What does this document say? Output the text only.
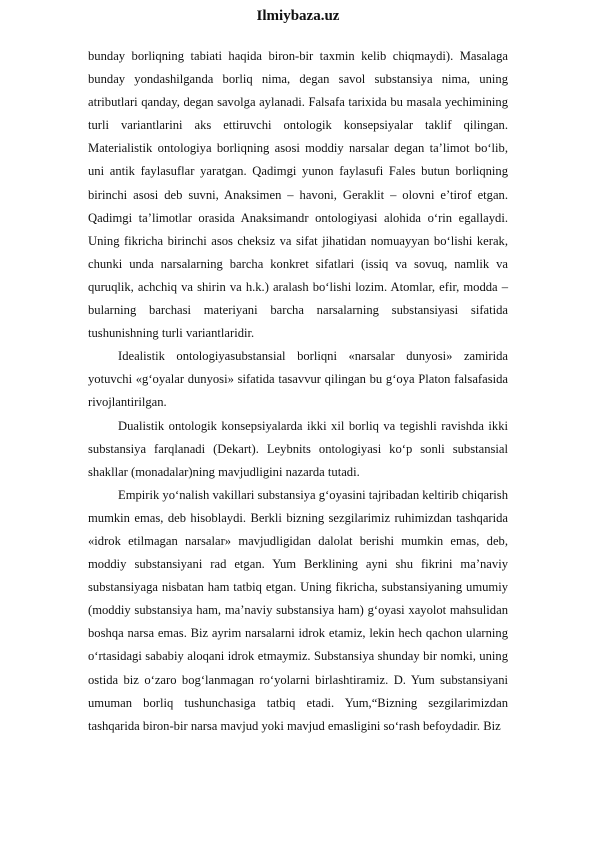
Ilmiybaza.uz

bunday borliqning tabiati haqida biron-bir taxmin kelib chiqmaydi). Masalaga bunday yondashilganda borliq nima, degan savol substansiya nima, uning atributlari qanday, degan savolga aylanadi. Falsafa tarixida bu masala yechimining turli variantlarini aks ettiruvchi ontologik konsepsiyalar taklif qilingan. Materialistik ontologiya borliqning asosi moddiy narsalar degan ta’limot bo‘lib, uni antik faylasuflar yaratgan. Qadimgi yunon faylasufi Fales butun borliqning birinchi asosi deb suvni, Anaksimen – havoni, Geraklit – olovni e’tirof etgan. Qadimgi ta’limotlar orasida Anaksimandr ontologiyasi alohida o‘rin egallaydi. Uning fikricha birinchi asos cheksiz va sifat jihatidan nomuayyan bo‘lishi kerak, chunki unda narsalarning barcha konkret sifatlari (issiq va sovuq, namlik va quruqlik, achchiq va shirin va h.k.) aralash bo‘lishi lozim. Atomlar, efir, modda – bularning barchasi materiyani barcha narsalarning substansiyasi sifatida tushunishning turli variantlaridir.

Idealistik ontologiyasubstansial borliqni «narsalar dunyosi» zamirida yotuvchi «g‘oyalar dunyosi» sifatida tasavvur qilingan bu g‘oya Platon falsafasida rivojlantirilgan.

Dualistik ontologik konsepsiyalarda ikki xil borliq va tegishli ravishda ikki substansiya farqlanadi (Dekart). Leybnits ontologiyasi ko‘p sonli substansial shakllar (monadalar)ning mavjudligini nazarda tutadi.

Empirik yo‘nalish vakillari substansiya g‘oyasini tajribadan keltirib chiqarish mumkin emas, deb hisoblaydi. Berkli bizning sezgilarimiz ruhimizdan tashqarida «idrok etilmagan narsalar» mavjudligidan dalolat berishi mumkin emas, deb, moddiy substansiyani rad etgan. Yum Berklining ayni shu fikrini ma’naviy substansiyaga nisbatan ham tatbiq etgan. Uning fikricha, substansiyaning umumiy (moddiy substansiya ham, ma’naviy substansiya ham) g‘oyasi xayolot mahsulidan boshqa narsa emas. Biz ayrim narsalarni idrok etamiz, lekin hech qachon ularning o‘rtasidagi sababiy aloqani idrok etmaymiz. Substansiya shunday bir nomki, uning ostida biz o‘zaro bog‘lanmagan ro‘yolarni birlashtiramiz. D. Yum substansiyani umuman borliq tushunchasiga tatbiq etadi. Yum,“Bizning sezgilarimizdan tashqarida biron-bir narsa mavjud yoki mavjud emasligini so‘rash befoydadir. Biz
